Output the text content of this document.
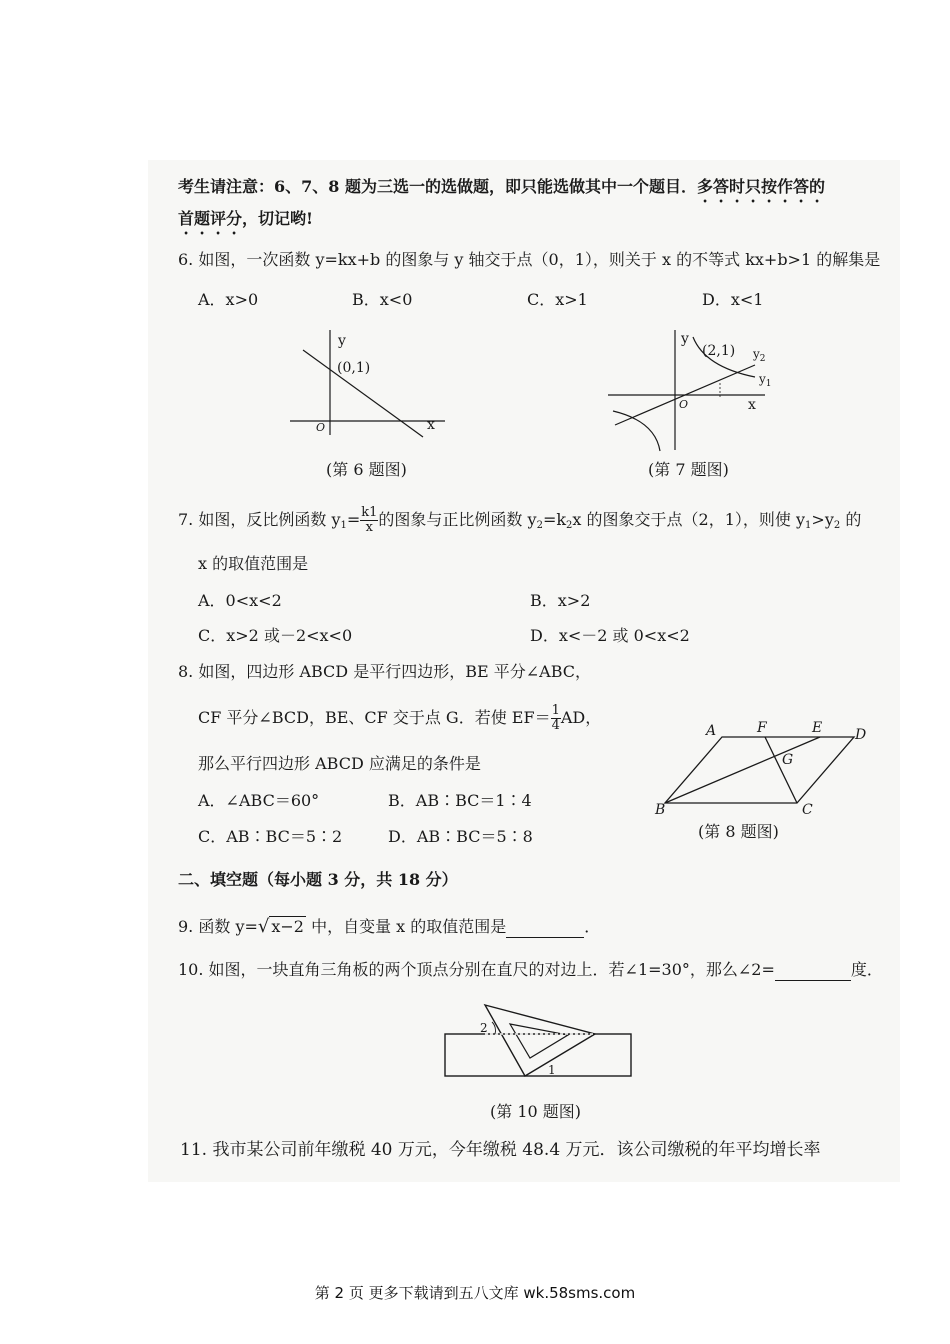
考生请注意：6、7、8 题为三选一的选做题，即只能选做其中一个题目．多答时只按作答的
首题评分，切记哟!
6. 如图，一次函数 y=kx+b 的图象与 y 轴交于点（0，1），则关于 x 的不等式 kx+b>1 的解集是
A．x>0	B．x<0	C．x>1	D．x<1
y
(0,1)
O	x
(第 6 题图)
y
(2,1) $y_2$
$y_1$
O	x
(第 7 题图)
7. 如图，反比例函数 $y_1= \frac{k1}{x}$ 的图象与正比例函数 $y_2=k_2x$ 的图象交于点（2，1），则使 $y_1>y_2$ 的
x 的取值范围是
A．0<x<2	B．x>2
C．x>2 或－2<x<0	D．x<－2 或 0<x<2
8. 如图，四边形 ABCD 是平行四边形，BE 平分∠ABC，
CF 平分∠BCD，BE、CF 交于点 G．若使 $EF= \frac{1}{4}$ AD，
那么平行四边形 ABCD 应满足的条件是
A．∠ABC＝60°	B．AB∶BC＝1∶4
C．AB∶BC＝5∶2	D．AB∶BC＝5∶8
A	F	E D
G
B	C
(第 8 题图)
二、填空题（每小题 3 分，共 18 分）
9. 函数 y=√ x−2 中，自变量 x 的取值范围是	．
10. 如图，一块直角三角板的两个顶点分别在直尺的对边上．若∠1=30°，那么∠2=	度．
2
1
(第 10 题图)
11. 我市某公司前年缴税 40 万元，今年缴税 48.4 万元．该公司缴税的年平均增长率
第 2 页 更多下载请到五八文库 wk.58sms.com
